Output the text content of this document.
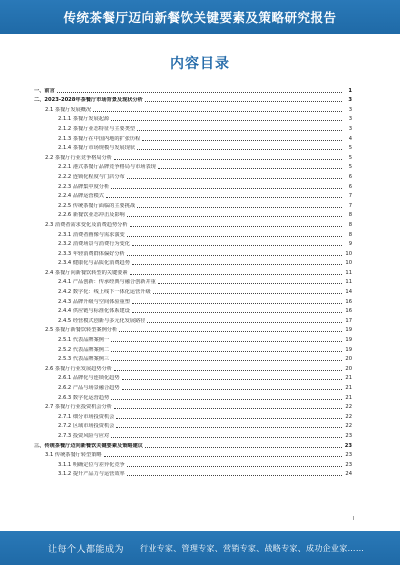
传统茶餐厅迈向新餐饮关键要素及策略研究报告
内容目录
一、前言	1
二、2023-2028年茶餐厅市场背景及现状分析	3
2.1 茶餐厅发展概况	3
2.1.1 茶餐厅发展起源	3
2.1.2 茶餐厅业态特征与主要类型	3
2.1.3 茶餐厅在中国内地的扩张历程	4
2.1.4 茶餐厅市场规模与发展现状	5
2.2 茶餐厅行业竞争格局分析	5
2.2.1 港式茶餐厅品牌竞争格局与市场表现	5
2.2.2 连锁化程度与门店分布	6
2.2.3 品牌集中度分析	6
2.2.4 品牌运营模式	7
2.2.5 传统茶餐厅面临的主要挑战	7
2.2.6 新餐饮业态冲击及影响	8
2.3 消费者需求变化及消费趋势分析	8
2.3.1 消费者画像与需求演变	8
2.3.2 消费场景与消费行为变化	9
2.3.3 年轻消费群体偏好分析	10
2.3.4 健康化与品质化消费趋势	10
2.4 茶餐厅向新餐饮转型的关键要素	11
2.4.1 产品创新：传承经典与融合创新并重	11
2.4.2 数字化：线上线下一体化运营升级	14
2.4.3 品牌升级与空间体验重塑	16
2.4.4 供应链与标准化体系建设	16
2.4.5 经营模式创新与多元化发展路径	17
2.5 茶餐厅新餐饮转型案例分析	19
2.5.1 代表品牌案例一	19
2.5.2 代表品牌案例二	19
2.5.3 代表品牌案例三	20
2.6 茶餐厅行业发展趋势分析	20
2.6.1 品牌化与连锁化趋势	21
2.6.2 产品与场景融合趋势	21
2.6.3 数字化运营趋势	21
2.7 茶餐厅行业投资机会分析	22
2.7.1 细分市场投资机会	22
2.7.2 区域市场投资机会	22
2.7.3 投资风险与应对	23
三、传统茶餐厅迈向新餐饮关键要素及策略建议	23
3.1 传统茶餐厅转型策略	23
3.1.1 明确定位与差异化竞争	23
3.1.2 提升产品力与运营效率	24
I
让每个人都能成为 行业专家、管理专家、营销专家、战略专家、成功企业家……
